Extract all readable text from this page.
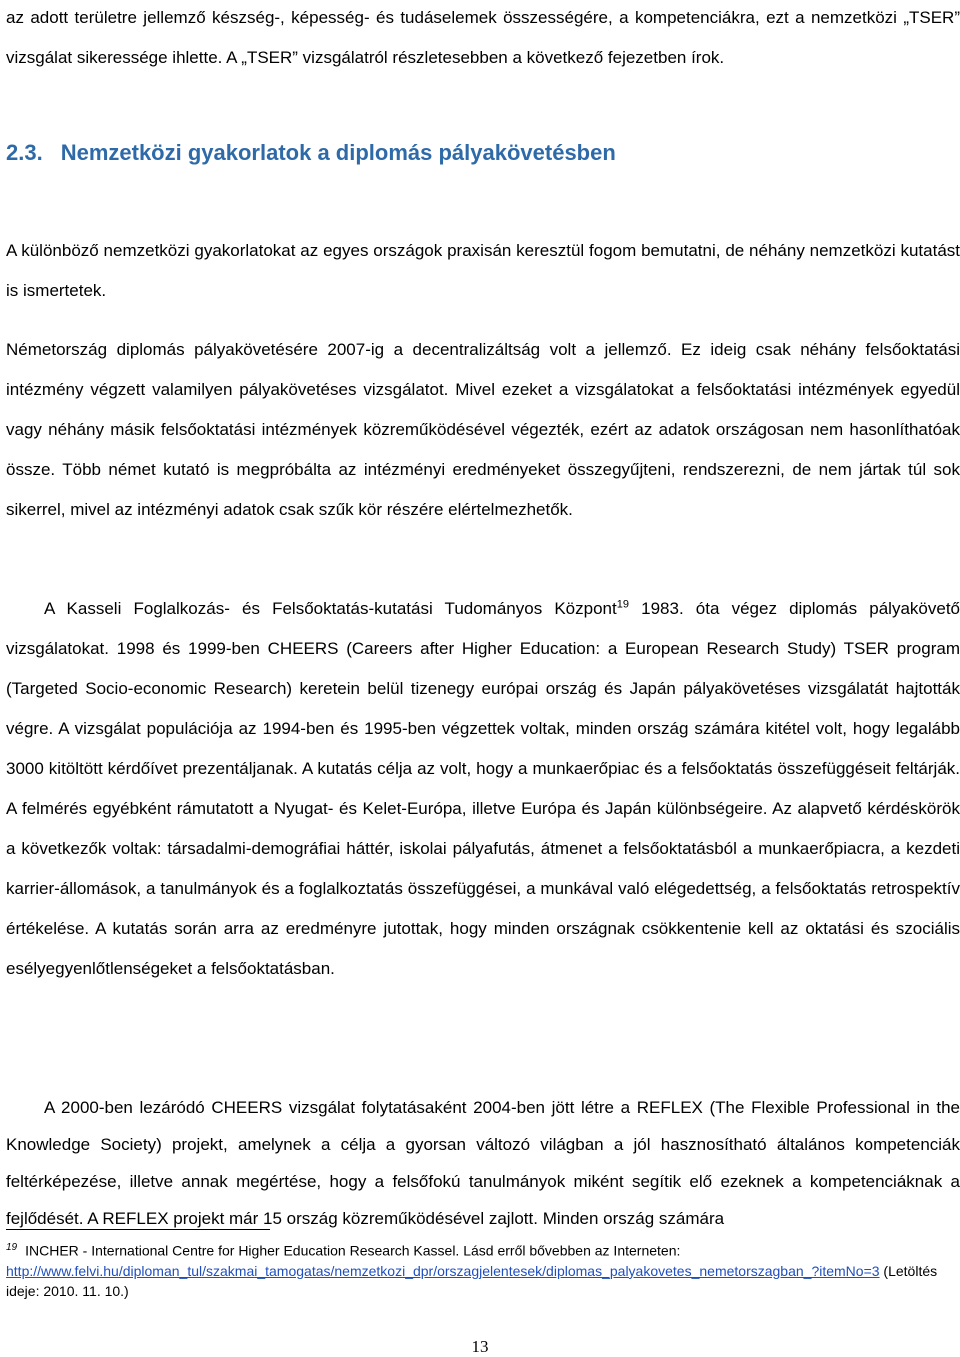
az adott területre jellemző készség-, képesség- és tudáselemek összességére, a kompetenciákra, ezt a nemzetközi „TSER” vizsgálat sikeressége ihlette. A „TSER” vizsgálatról részletesebben a következő fejezetben írok.

2.3. Nemzetközi gyakorlatok a diplomás pályakövetésben

A különböző nemzetközi gyakorlatokat az egyes országok praxisán keresztül fogom bemutatni, de néhány nemzetközi kutatást is ismertetek.

Németország diplomás pályakövetésére 2007-ig a decentralizáltság volt a jellemző. Ez ideig csak néhány felsőoktatási intézmény végzett valamilyen pályakövetéses vizsgálatot. Mivel ezeket a vizsgálatokat a felsőoktatási intézmények egyedül vagy néhány másik felsőoktatási intézmények közreműködésével végezték, ezért az adatok országosan nem hasonlíthatóak össze. Több német kutató is megpróbálta az intézményi eredményeket összegyűjteni, rendszerezni, de nem jártak túl sok sikerrel, mivel az intézményi adatok csak szűk kör részére elértelmezhetők.

A Kasseli Foglalkozás- és Felsőoktatás-kutatási Tudományos Központ$^{19}$ 1983. óta végez diplomás pályakövető vizsgálatokat. 1998 és 1999-ben CHEERS (Careers after Higher Education: a European Research Study) TSER program (Targeted Socio-economic Research) keretein belül tizenegy európai ország és Japán pályakövetéses vizsgálatát hajtották végre. A vizsgálat populációja az 1994-ben és 1995-ben végzettek voltak, minden ország számára kitétel volt, hogy legalább 3000 kitöltött kérdőívet prezentáljanak. A kutatás célja az volt, hogy a munkaerőpiac és a felsőoktatás összefüggéseit feltárják. A felmérés egyébként rámutatott a Nyugat- és Kelet-Európa, illetve Európa és Japán különbségeire. Az alapvető kérdéskörök a következők voltak: társadalmi-demográfiai háttér, iskolai pályafutás, átmenet a felsőoktatásból a munkaerőpiacra, a kezdeti karrier-állomások, a tanulmányok és a foglalkoztatás összefüggései, a munkával való elégedettség, a felsőoktatás retrospektív értékelése. A kutatás során arra az eredményre jutottak, hogy minden országnak csökkentenie kell az oktatási és szociális esélyegyenlőtlenségeket a felsőoktatásban.

A 2000-ben lezáródó CHEERS vizsgálat folytatásaként 2004-ben jött létre a REFLEX (The Flexible Professional in the Knowledge Society) projekt, amelynek a célja a gyorsan változó világban a jól hasznosítható általános kompetenciák feltérképezése, illetve annak megértése, hogy a felsőfokú tanulmányok miként segítik elő ezeknek a kompetenciáknak a fejlődését. A REFLEX projekt már 15 ország közreműködésével zajlott. Minden ország számára

$^{19}$ INCHER - International Centre for Higher Education Research Kassel. Lásd erről bővebben az Interneten:
http://www.felvi.hu/diploman_tul/szakmai_tamogatas/nemzetkozi_dpr/orszagjelentesek/diplomas_palyakovetes_nemetorszagban_?itemNo=3 (Letöltés ideje: 2010. 11. 10.)
13
